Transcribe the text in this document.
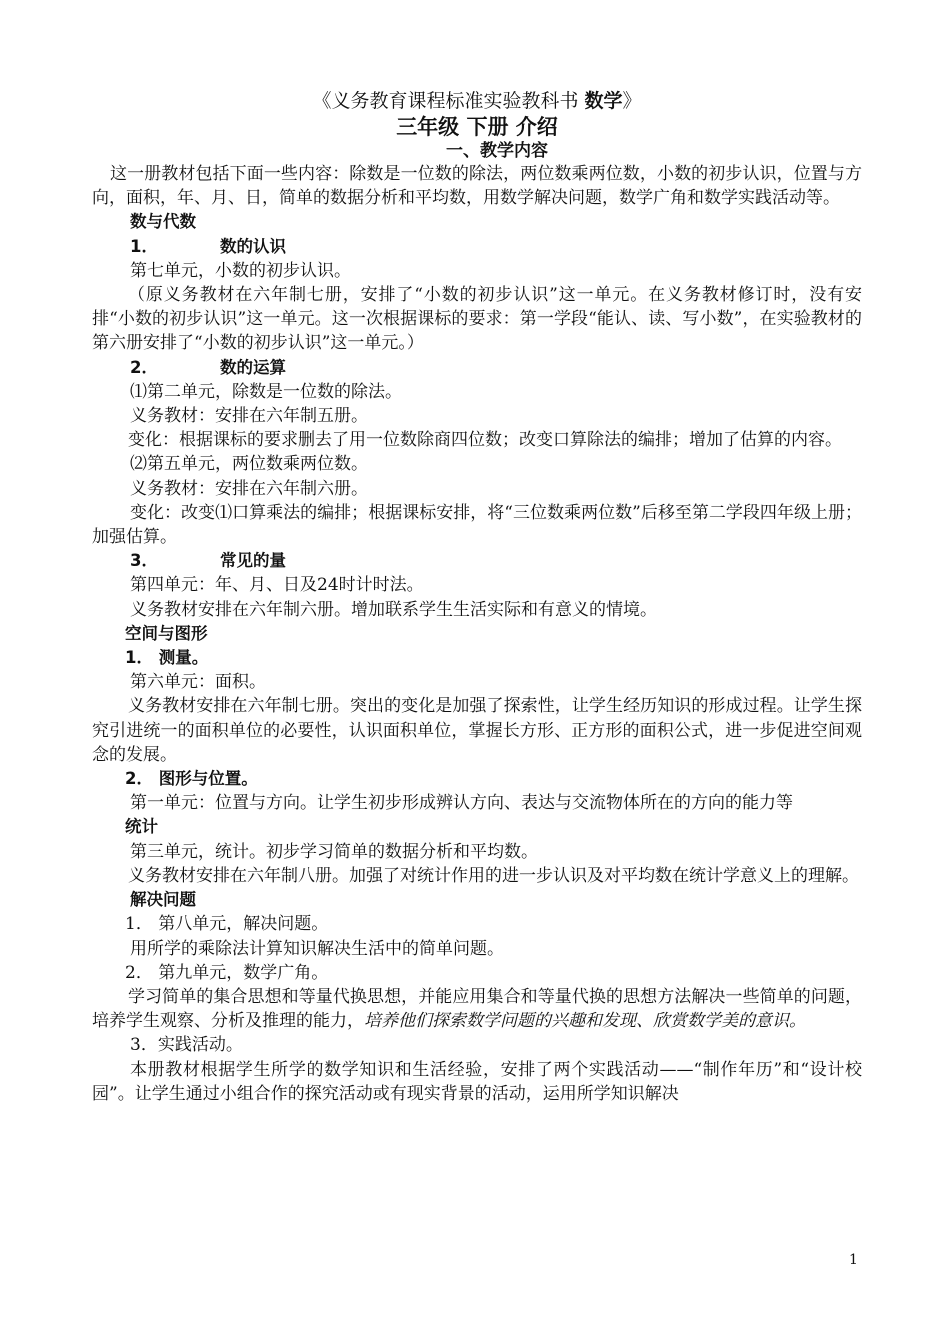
《义务教育课程标准实验教科书 数学》
三年级 下册 介绍
一、教学内容

这一册教材包括下面一些内容：除数是一位数的除法，两位数乘两位数，小数的初步认识，位置与方向，面积，年、月、日，简单的数据分析和平均数，用数学解决问题，数学广角和数学实践活动等。

数与代数

1．	数的认识

第七单元，小数的初步认识。

（原义务教材在六年制七册，安排了“小数的初步认识”这一单元。在义务教材修订时，没有安排“小数的初步认识”这一单元。这一次根据课标的要求：第一学段“能认、读、写小数”，在实验教材的第六册安排了“小数的初步认识”这一单元。）

2．	数的运算

⑴第二单元，除数是一位数的除法。

义务教材：安排在六年制五册。

变化：根据课标的要求删去了用一位数除商四位数；改变口算除法的编排；增加了估算的内容。

⑵第五单元，两位数乘两位数。

义务教材：安排在六年制六册。

变化：改变⑴口算乘法的编排；根据课标安排，将“三位数乘两位数”后移至第二学段四年级上册；加强估算。

3．	常见的量

第四单元：年、月、日及24时计时法。

义务教材安排在六年制六册。增加联系学生生活实际和有意义的情境。

空间与图形

1． 测量。

第六单元：面积。

义务教材安排在六年制七册。突出的变化是加强了探索性，让学生经历知识的形成过程。让学生探究引进统一的面积单位的必要性，认识面积单位，掌握长方形、正方形的面积公式，进一步促进空间观念的发展。

2． 图形与位置。

第一单元：位置与方向。让学生初步形成辨认方向、表达与交流物体所在的方向的能力等

统计

第三单元，统计。初步学习简单的数据分析和平均数。

义务教材安排在六年制八册。加强了对统计作用的进一步认识及对平均数在统计学意义上的理解。

解决问题

1． 第八单元，解决问题。

用所学的乘除法计算知识解决生活中的简单问题。

2． 第九单元，数学广角。

学习简单的集合思想和等量代换思想，并能应用集合和等量代换的思想方法解决一些简单的问题，培养学生观察、分析及推理的能力，培养他们探索数学问题的兴趣和发现、欣赏数学美的意识。

3．实践活动。

本册教材根据学生所学的数学知识和生活经验，安排了两个实践活动——“制作年历”和“设计校园”。让学生通过小组合作的探究活动或有现实背景的活动，运用所学知识解决

1
